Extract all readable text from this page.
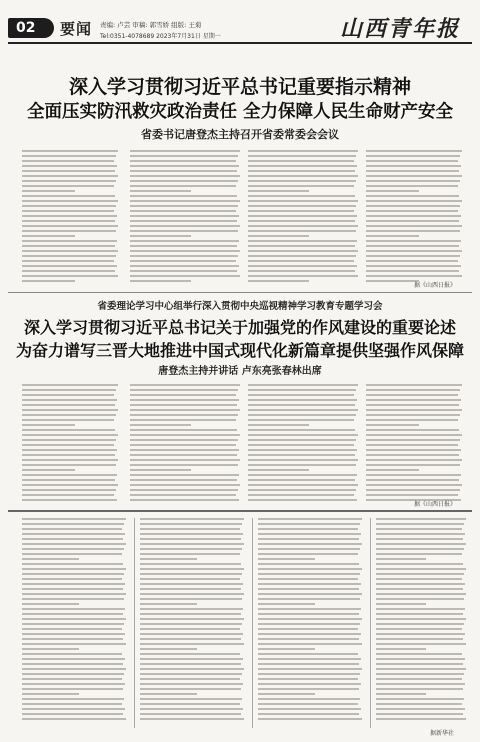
02	要闻 责编: 卢芸 审稿: 郭雪娇 组版: 王菊
Tel:0351-4078689 2023年7月31日 星期一	山西青年报
深入学习贯彻习近平总书记重要指示精神
全面压实防汛救灾政治责任 全力保障人民生命财产安全
省委书记唐登杰主持召开省委常委会会议
据《山西日报》
省委理论学习中心组举行深入贯彻中央巡视精神学习教育专题学习会
深入学习贯彻习近平总书记关于加强党的作风建设的重要论述
为奋力谱写三晋大地推进中国式现代化新篇章提供坚强作风保障
唐登杰主持并讲话 卢东亮张春林出席
据《山西日报》
据新华社
